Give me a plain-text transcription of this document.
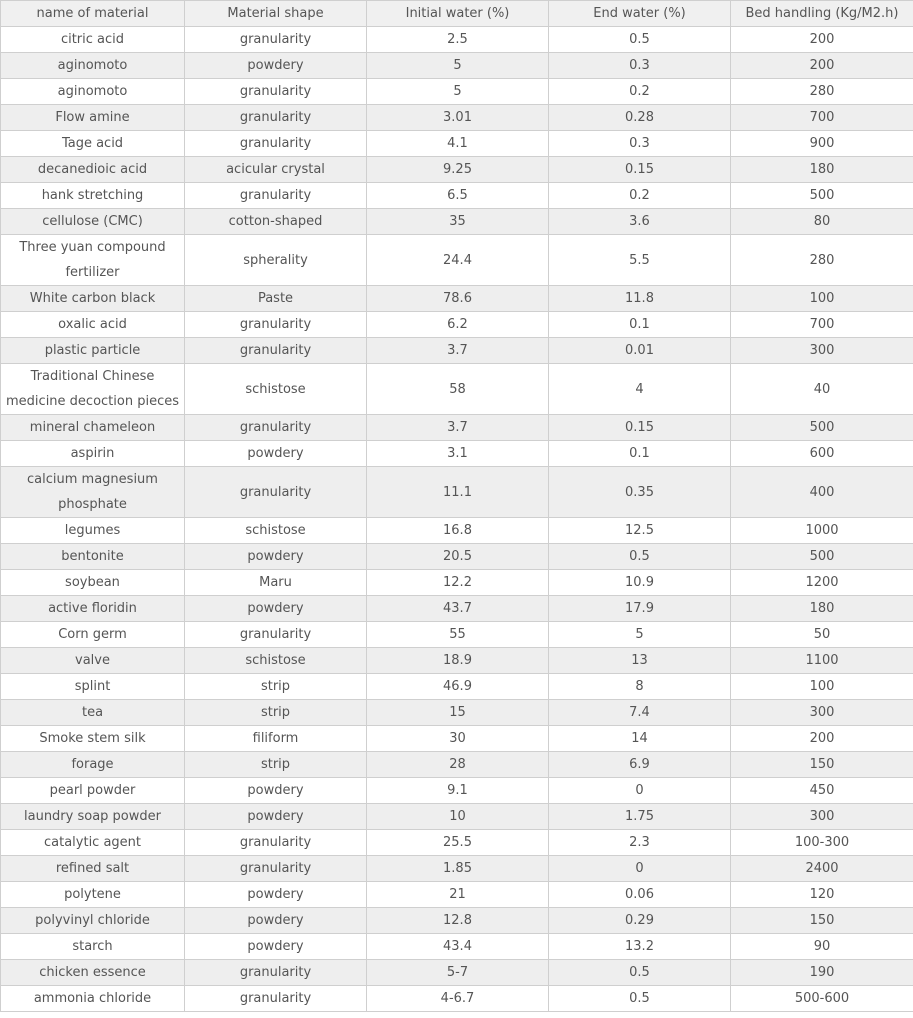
name of material	Material shape	Initial water (%)	End water (%)	Bed handling (Kg/M2.h)
citric acid	granularity	2.5	0.5	200
aginomoto	powdery	5	0.3	200
aginomoto	granularity	5	0.2	280
Flow amine	granularity	3.01	0.28	700
Tage acid	granularity	4.1	0.3	900
decanedioic acid	acicular crystal	9.25	0.15	180
hank stretching	granularity	6.5	0.2	500
cellulose (CMC)	cotton-shaped	35	3.6	80
Three yuan compound fertilizer	spherality	24.4	5.5	280
White carbon black	Paste	78.6	11.8	100
oxalic acid	granularity	6.2	0.1	700
plastic particle	granularity	3.7	0.01	300
Traditional Chinese medicine decoction pieces	schistose	58	4	40
mineral chameleon	granularity	3.7	0.15	500
aspirin	powdery	3.1	0.1	600
calcium magnesium phosphate	granularity	11.1	0.35	400
legumes	schistose	16.8	12.5	1000
bentonite	powdery	20.5	0.5	500
soybean	Maru	12.2	10.9	1200
active floridin	powdery	43.7	17.9	180
Corn germ	granularity	55	5	50
valve	schistose	18.9	13	1100
splint	strip	46.9	8	100
tea	strip	15	7.4	300
Smoke stem silk	filiform	30	14	200
forage	strip	28	6.9	150
pearl powder	powdery	9.1	0	450
laundry soap powder	powdery	10	1.75	300
catalytic agent	granularity	25.5	2.3	100-300
refined salt	granularity	1.85	0	2400
polytene	powdery	21	0.06	120
polyvinyl chloride	powdery	12.8	0.29	150
starch	powdery	43.4	13.2	90
chicken essence	granularity	5-7	0.5	190
ammonia chloride	granularity	4-6.7	0.5	500-600
